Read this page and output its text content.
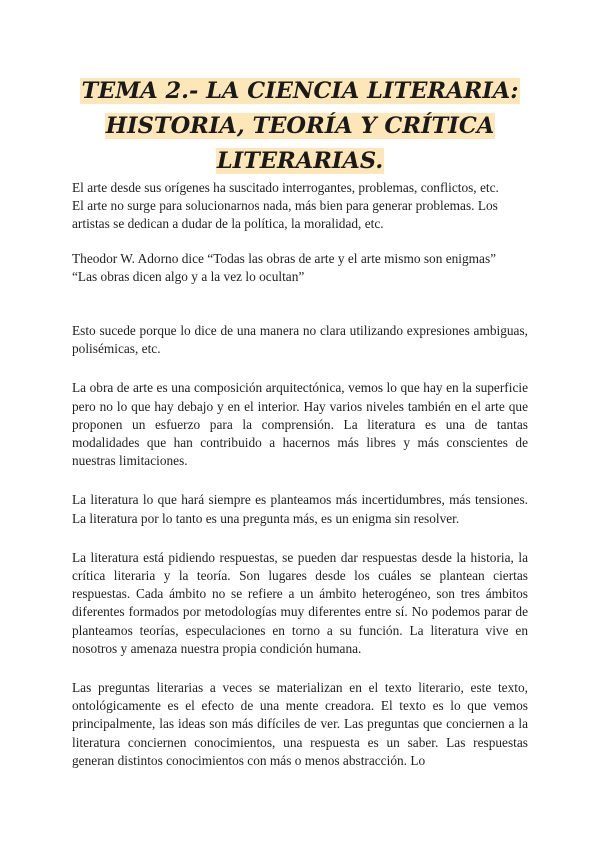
TEMA 2.- LA CIENCIA LITERARIA:
HISTORIA, TEORÍA Y CRÍTICA
LITERARIAS.

El arte desde sus orígenes ha suscitado interrogantes, problemas, conflictos, etc.
El arte no surge para solucionarnos nada, más bien para generar problemas. Los
artistas se dedican a dudar de la política, la moralidad, etc.

Theodor W. Adorno dice “Todas las obras de arte y el arte mismo son enigmas”
“Las obras dicen algo y a la vez lo ocultan”

Esto sucede porque lo dice de una manera no clara utilizando expresiones ambiguas, polisémicas, etc.

La obra de arte es una composición arquitectónica, vemos lo que hay en la superficie pero no lo que hay debajo y en el interior. Hay varios niveles también en el arte que proponen un esfuerzo para la comprensión. La literatura es una de tantas modalidades que han contribuido a hacernos más libres y más conscientes de nuestras limitaciones.

La literatura lo que hará siempre es planteamos más incertidumbres, más tensiones. La literatura por lo tanto es una pregunta más, es un enigma sin resolver.

La literatura está pidiendo respuestas, se pueden dar respuestas desde la historia, la crítica literaria y la teoría. Son lugares desde los cuáles se plantean ciertas respuestas. Cada ámbito no se refiere a un ámbito heterogéneo, son tres ámbitos diferentes formados por metodologías muy diferentes entre sí. No podemos parar de planteamos teorías, especulaciones en torno a su función. La literatura vive en nosotros y amenaza nuestra propia condición humana.

Las preguntas literarias a veces se materializan en el texto literario, este texto, ontológicamente es el efecto de una mente creadora. El texto es lo que vemos principalmente, las ideas son más difíciles de ver. Las preguntas que conciernen a la literatura conciernen conocimientos, una respuesta es un saber. Las respuestas generan distintos conocimientos con más o menos abstracción. Lo
